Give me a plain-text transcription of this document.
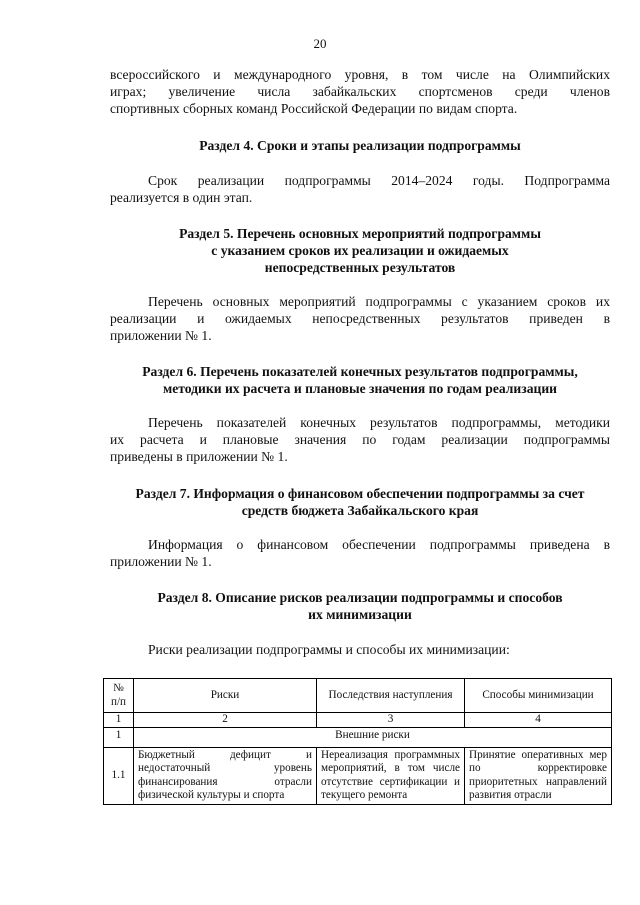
20
всероссийского и международного уровня, в том числе на Олимпийских
играх; увеличение числа забайкальских спортсменов среди членов
спортивных сборных команд Российской Федерации по видам спорта.
Раздел 4. Сроки и этапы реализации подпрограммы
Срок реализации подпрограммы 2014–2024 годы. Подпрограмма
реализуется в один этап.
Раздел 5. Перечень основных мероприятий подпрограммы
с указанием сроков их реализации и ожидаемых
непосредственных результатов
Перечень основных мероприятий подпрограммы с указанием сроков их
реализации и ожидаемых непосредственных результатов приведен в
приложении № 1.
Раздел 6. Перечень показателей конечных результатов подпрограммы,
методики их расчета и плановые значения по годам реализации
Перечень показателей конечных результатов подпрограммы, методики
их расчета и плановые значения по годам реализации подпрограммы
приведены в приложении № 1.
Раздел 7. Информация о финансовом обеспечении подпрограммы за счет
средств бюджета Забайкальского края
Информация о финансовом обеспечении подпрограммы приведена в
приложении № 1.
Раздел 8. Описание рисков реализации подпрограммы и способов
их минимизации
Риски реализации подпрограммы и способы их минимизации:
№ п/п	Риски	Последствия наступления	Способы минимизации
1	2	3	4
1	Внешние риски		
1.1	Бюджетный дефицит и недостаточный уровень финансирования отрасли физической культуры и спорта	Нереализация программных мероприятий, в том числе отсутствие сертификации и текущего ремонта	Принятие оперативных мер по корректировке приоритетных направлений развития отрасли
